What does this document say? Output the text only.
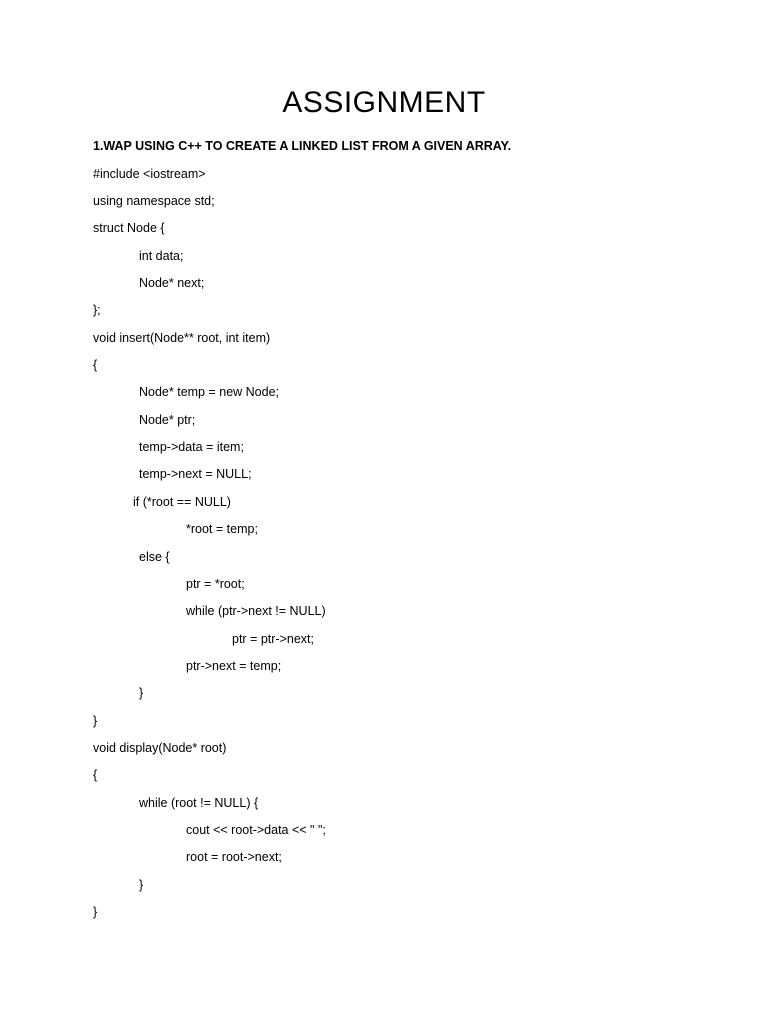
ASSIGNMENT

1.WAP USING C++ TO CREATE A LINKED LIST FROM A GIVEN ARRAY.

#include <iostream>

using namespace std;

struct Node {

int data;

Node* next;

};

void insert(Node** root, int item)

{

Node* temp = new Node;

Node* ptr;

temp->data = item;

temp->next = NULL;

if (*root == NULL)

*root = temp;

else {

ptr = *root;

while (ptr->next != NULL)

ptr = ptr->next;

ptr->next = temp;

}

}

void display(Node* root)

{

while (root != NULL) {

cout << root->data << " ";

root = root->next;

}

}
